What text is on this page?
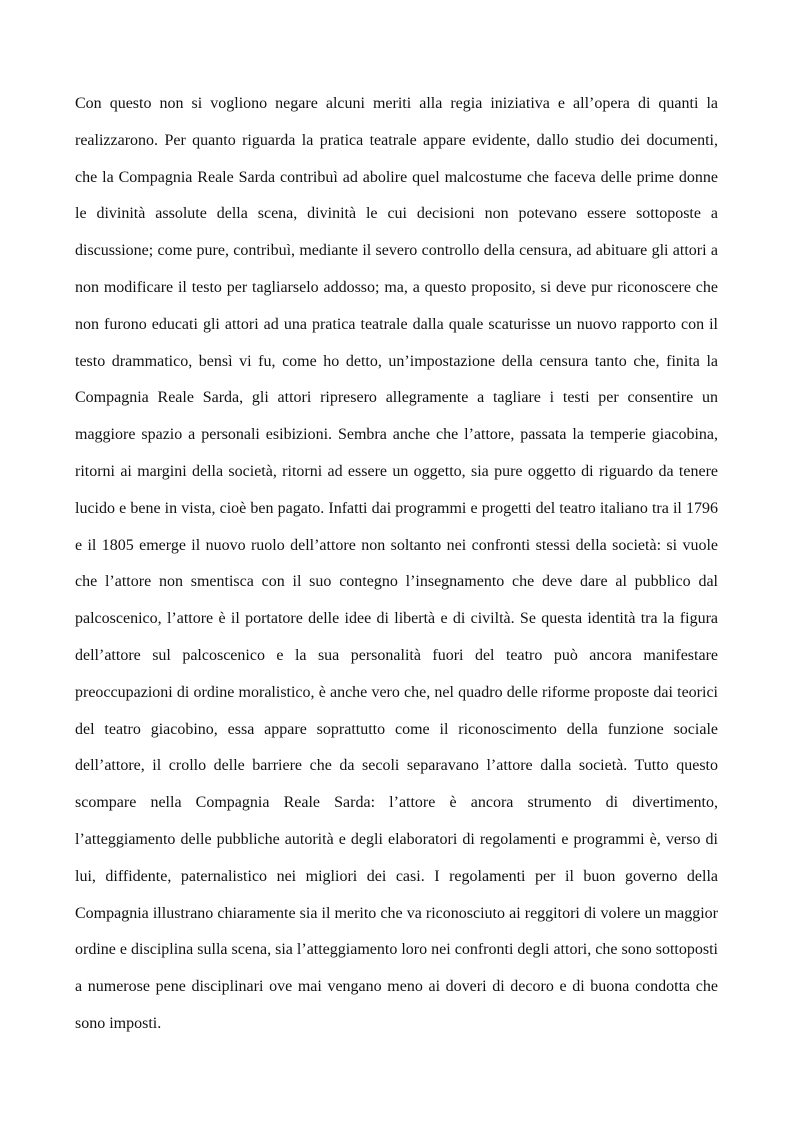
Con questo non si vogliono negare alcuni meriti alla regia iniziativa e all’opera di quanti la
realizzarono. Per quanto riguarda la pratica teatrale appare evidente, dallo studio dei documenti,
che la Compagnia Reale Sarda contribuì ad abolire quel malcostume che faceva delle prime donne
le divinità assolute della scena, divinità le cui decisioni non potevano essere sottoposte a
discussione; come pure, contribuì, mediante il severo controllo della censura, ad abituare gli attori a
non modificare il testo per tagliarselo addosso; ma, a questo proposito, si deve pur riconoscere che
non furono educati gli attori ad una pratica teatrale dalla quale scaturisse un nuovo rapporto con il
testo drammatico, bensì vi fu, come ho detto, un’impostazione della censura tanto che, finita la
Compagnia Reale Sarda, gli attori ripresero allegramente a tagliare i testi per consentire un
maggiore spazio a personali esibizioni. Sembra anche che l’attore, passata la temperie giacobina,
ritorni ai margini della società, ritorni ad essere un oggetto, sia pure oggetto di riguardo da tenere
lucido e bene in vista, cioè ben pagato. Infatti dai programmi e progetti del teatro italiano tra il 1796
e il 1805 emerge il nuovo ruolo dell’attore non soltanto nei confronti stessi della società: si vuole
che l’attore non smentisca con il suo contegno l’insegnamento che deve dare al pubblico dal
palcoscenico, l’attore è il portatore delle idee di libertà e di civiltà. Se questa identità tra la figura
dell’attore sul palcoscenico e la sua personalità fuori del teatro può ancora manifestare
preoccupazioni di ordine moralistico, è anche vero che, nel quadro delle riforme proposte dai teorici
del teatro giacobino, essa appare soprattutto come il riconoscimento della funzione sociale
dell’attore, il crollo delle barriere che da secoli separavano l’attore dalla società. Tutto questo
scompare nella Compagnia Reale Sarda: l’attore è ancora strumento di divertimento,
l’atteggiamento delle pubbliche autorità e degli elaboratori di regolamenti e programmi è, verso di
lui, diffidente, paternalistico nei migliori dei casi. I regolamenti per il buon governo della
Compagnia illustrano chiaramente sia il merito che va riconosciuto ai reggitori di volere un maggior
ordine e disciplina sulla scena, sia l’atteggiamento loro nei confronti degli attori, che sono sottoposti
a numerose pene disciplinari ove mai vengano meno ai doveri di decoro e di buona condotta che
sono imposti.
